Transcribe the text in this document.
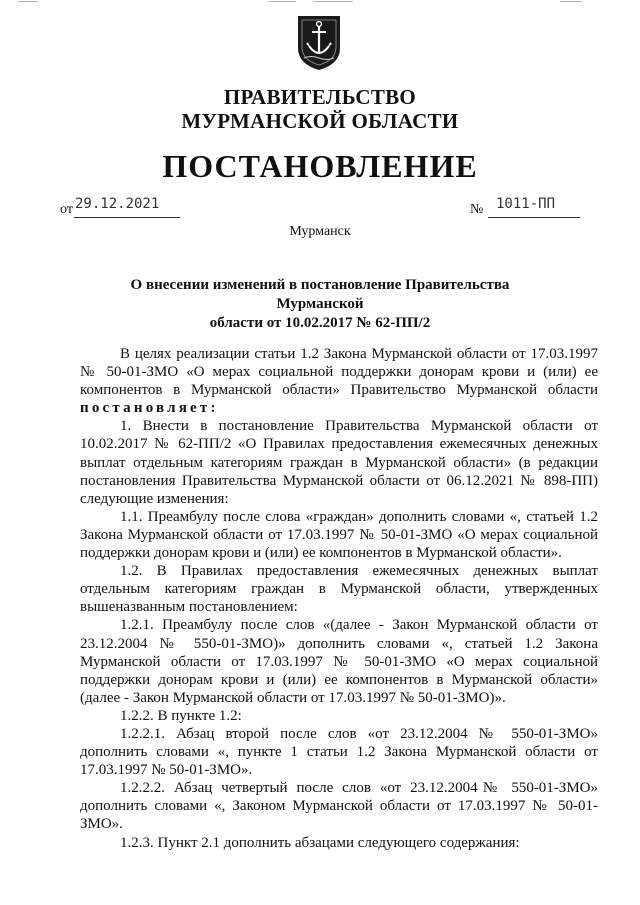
ПРАВИТЕЛЬСТВО
МУРМАНСКОЙ ОБЛАСТИ
ПОСТАНОВЛЕНИЕ
от 29.12.2021	№ 1011-ПП
Мурманск
О внесении изменений в постановление Правительства Мурманской
области от 10.02.2017 № 62-ПП/2

В целях реализации статьи 1.2 Закона Мурманской области от 17.03.1997

№ 50-01-ЗМО «О мерах социальной поддержки донорам крови и (или) ее

компонентов в Мурманской области» Правительство Мурманской области

постановляет:

1. Внести в постановление Правительства Мурманской области от

10.02.2017 № 62-ПП/2 «О Правилах предоставления ежемесячных денежных

выплат отдельным категориям граждан в Мурманской области» (в редакции

постановления Правительства Мурманской области от 06.12.2021 № 898-ПП)

следующие изменения:

1.1. Преамбулу после слова «граждан» дополнить словами «, статьей 1.2

Закона Мурманской области от 17.03.1997 № 50-01-ЗМО «О мерах социальной

поддержки донорам крови и (или) ее компонентов в Мурманской области».

1.2. В Правилах предоставления ежемесячных денежных выплат

отдельным категориям граждан в Мурманской области, утвержденных

вышеназванным постановлением:

1.2.1. Преамбулу после слов «(далее - Закон Мурманской области от

23.12.2004 № 550-01-ЗМО)» дополнить словами «, статьей 1.2 Закона

Мурманской области от 17.03.1997 № 50-01-ЗМО «О мерах социальной

поддержки донорам крови и (или) ее компонентов в Мурманской области»

(далее - Закон Мурманской области от 17.03.1997 № 50-01-ЗМО)».

1.2.2. В пункте 1.2:

1.2.2.1. Абзац второй после слов «от 23.12.2004 № 550-01-ЗМО»

дополнить словами «, пункте 1 статьи 1.2 Закона Мурманской области от

17.03.1997 № 50-01-ЗМО».

1.2.2.2. Абзац четвертый после слов «от 23.12.2004№ 550-01-ЗМО»

дополнить словами «, Законом Мурманской области от 17.03.1997 № 50-01-

ЗМО».

1.2.3. Пункт 2.1 дополнить абзацами следующего содержания:
